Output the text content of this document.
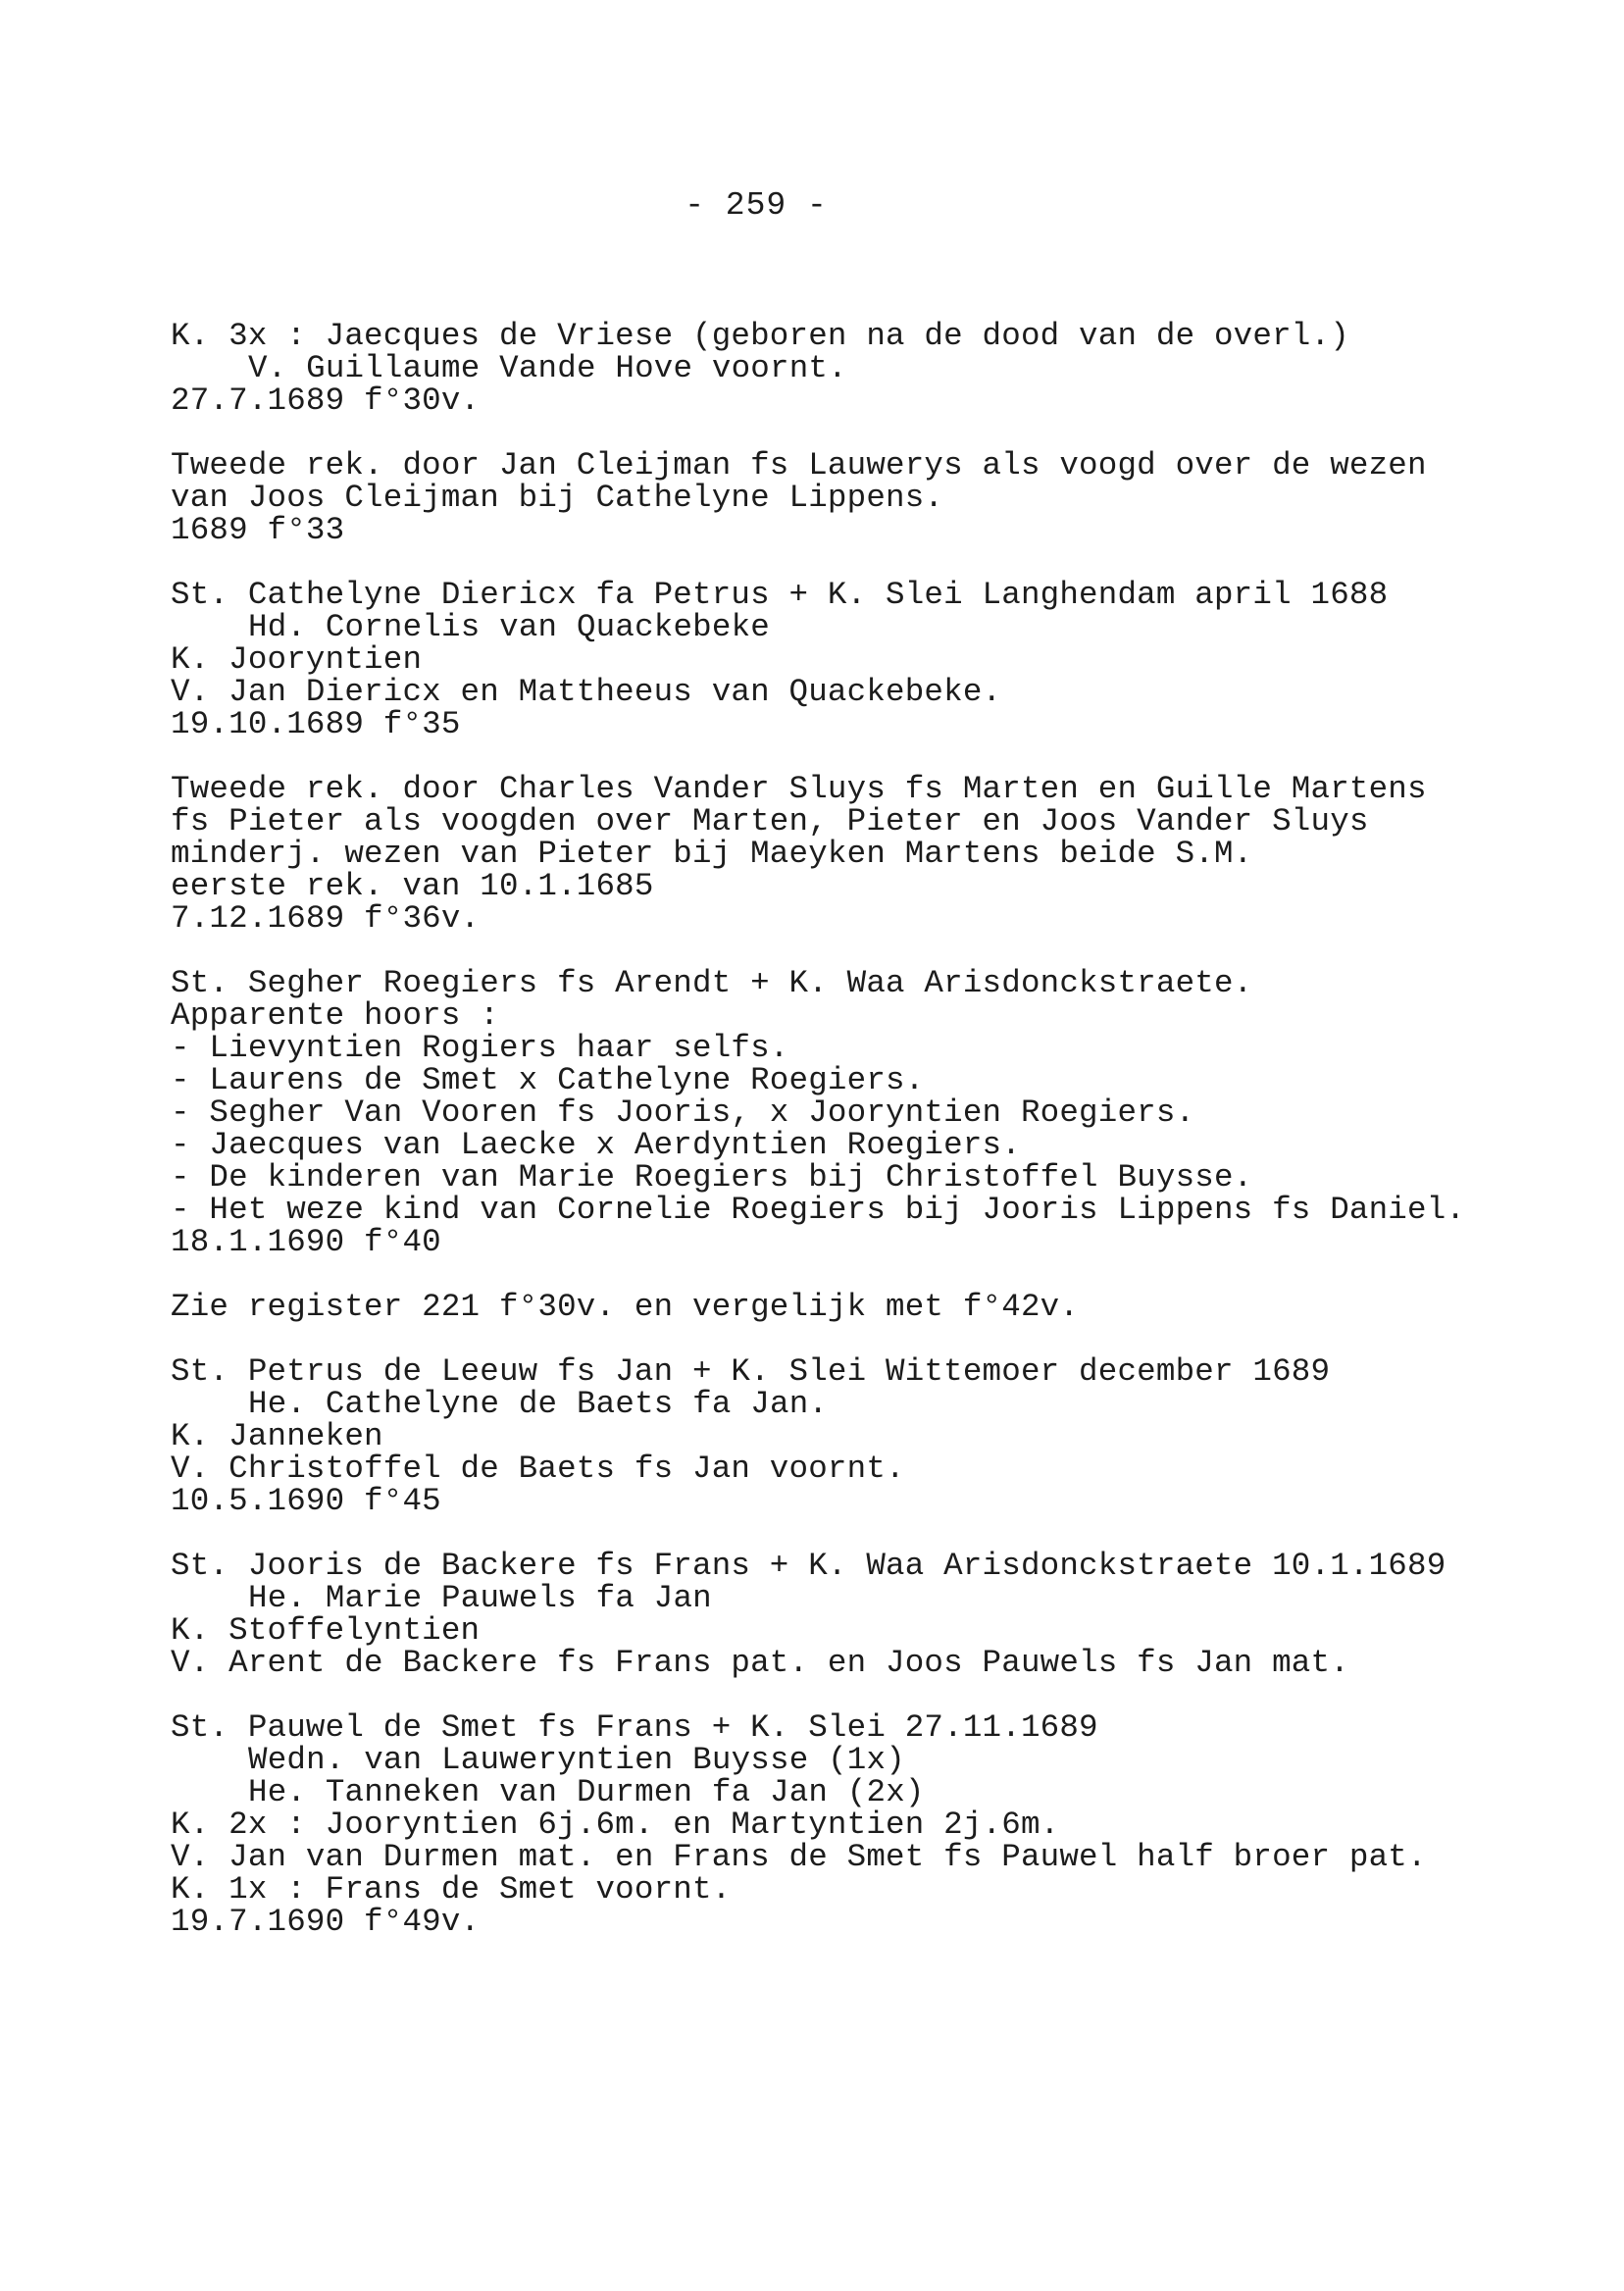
- 259 -
K. 3x : Jaecques de Vriese (geboren na de dood van de overl.)
V. Guillaume Vande Hove voornt.
27.7.1689 f°30v.
Tweede rek. door Jan Cleijman fs Lauwerys als voogd over de wezen
van Joos Cleijman bij Cathelyne Lippens.
1689 f°33
St. Cathelyne Diericx fa Petrus + K. Slei Langhendam april 1688
Hd. Cornelis van Quackebeke
K. Jooryntien
V. Jan Diericx en Mattheeus van Quackebeke.
19.10.1689 f°35
Tweede rek. door Charles Vander Sluys fs Marten en Guille Martens
fs Pieter als voogden over Marten, Pieter en Joos Vander Sluys
minderj. wezen van Pieter bij Maeyken Martens beide S.M.
eerste rek. van 10.1.1685
7.12.1689 f°36v.
St. Segher Roegiers fs Arendt + K. Waa Arisdonckstraete.
Apparente hoors :
- Lievyntien Rogiers haar selfs.
- Laurens de Smet x Cathelyne Roegiers.
- Segher Van Vooren fs Jooris, x Jooryntien Roegiers.
- Jaecques van Laecke x Aerdyntien Roegiers.
- De kinderen van Marie Roegiers bij Christoffel Buysse.
- Het weze kind van Cornelie Roegiers bij Jooris Lippens fs Daniel.
18.1.1690 f°40
Zie register 221 f°30v. en vergelijk met f°42v.
St. Petrus de Leeuw fs Jan + K. Slei Wittemoer december 1689
He. Cathelyne de Baets fa Jan.
K. Janneken
V. Christoffel de Baets fs Jan voornt.
10.5.1690 f°45
St. Jooris de Backere fs Frans + K. Waa Arisdonckstraete 10.1.1689
He. Marie Pauwels fa Jan
K. Stoffelyntien
V. Arent de Backere fs Frans pat. en Joos Pauwels fs Jan mat.
St. Pauwel de Smet fs Frans + K. Slei 27.11.1689
Wedn. van Lauweryntien Buysse (1x)
He. Tanneken van Durmen fa Jan (2x)
K. 2x : Jooryntien 6j.6m. en Martyntien 2j.6m.
V. Jan van Durmen mat. en Frans de Smet fs Pauwel half broer pat.
K. 1x : Frans de Smet voornt.
19.7.1690 f°49v.
